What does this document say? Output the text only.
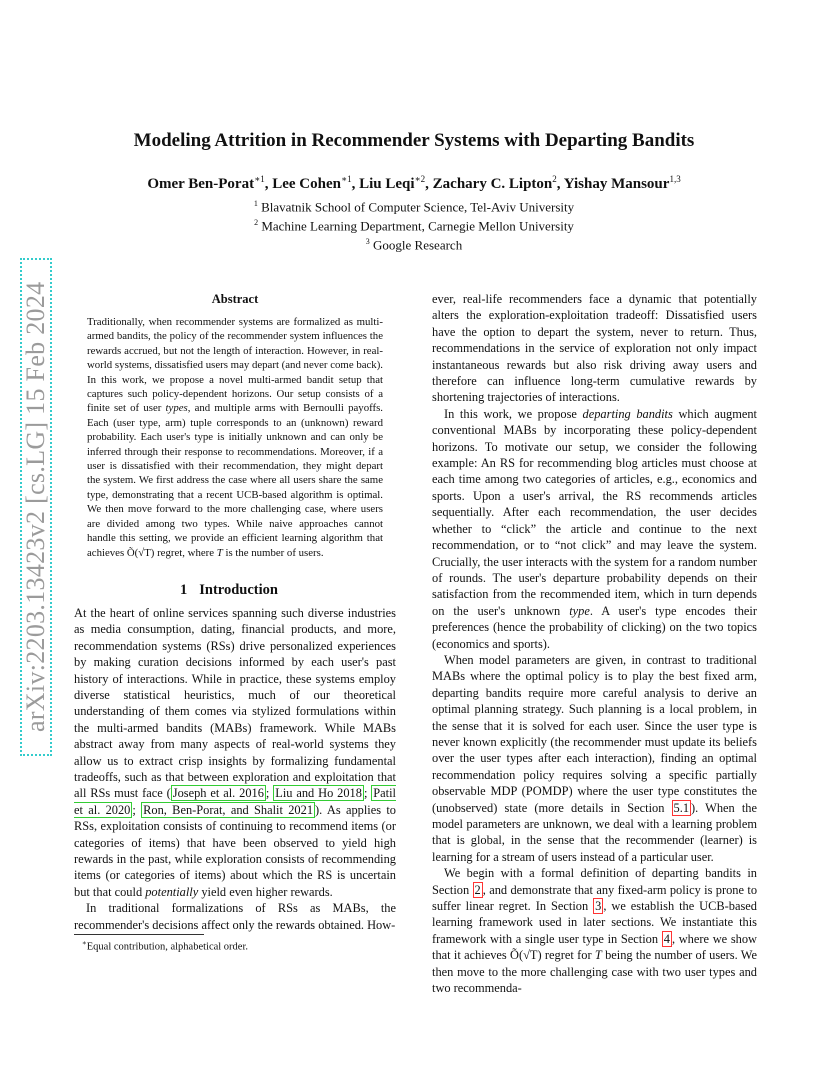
arXiv:2203.13423v2 [cs.LG] 15 Feb 2024
Modeling Attrition in Recommender Systems with Departing Bandits
Omer Ben-Porat$^{∗1}$, Lee Cohen$^{∗1}$, Liu Leqi$^{∗2}$, Zachary C. Lipton$^2$, Yishay Mansour$^{1,3}$
$^1$ Blavatnik School of Computer Science, Tel-Aviv University
$^2$ Machine Learning Department, Carnegie Mellon University
$^3$ Google Research
Abstract
Traditionally, when recommender systems are formalized as multi-armed bandits, the policy of the recommender system influences the rewards accrued, but not the length of interaction. However, in real-world systems, dissatisfied users may depart (and never come back). In this work, we propose a novel multi-armed bandit setup that captures such policy-dependent horizons. Our setup consists of a finite set of user types, and multiple arms with Bernoulli payoffs. Each (user type, arm) tuple corresponds to an (unknown) reward probability. Each user's type is initially unknown and can only be inferred through their response to recommendations. Moreover, if a user is dissatisfied with their recommendation, they might depart the system. We first address the case where all users share the same type, demonstrating that a recent UCB-based algorithm is optimal. We then move forward to the more challenging case, where users are divided among two types. While naive approaches cannot handle this setting, we provide an efficient learning algorithm that achieves Õ(√T) regret, where T is the number of users.
1 Introduction

At the heart of online services spanning such diverse industries as media consumption, dating, financial products, and more, recommendation systems (RSs) drive personalized experiences by making curation decisions informed by each user's past history of interactions. While in practice, these systems employ diverse statistical heuristics, much of our theoretical understanding of them comes via stylized formulations within the multi-armed bandits (MABs) framework. While MABs abstract away from many aspects of real-world systems they allow us to extract crisp insights by formalizing fundamental tradeoffs, such as that between exploration and exploitation that all RSs must face ( Joseph et al. 2016 ; Liu and Ho 2018 ; Patil et al. 2020 ; Ron, Ben-Porat, and Shalit 2021 ). As applies to RSs, exploitation consists of continuing to recommend items (or categories of items) that have been observed to yield high rewards in the past, while exploration consists of recommending items (or categories of items) about which the RS is uncertain but that could potentially yield even higher rewards.

In traditional formalizations of RSs as MABs, the recommender's decisions affect only the rewards obtained. How-

ever, real-life recommenders face a dynamic that potentially alters the exploration-exploitation tradeoff: Dissatisfied users have the option to depart the system, never to return. Thus, recommendations in the service of exploration not only impact instantaneous rewards but also risk driving away users and therefore can influence long-term cumulative rewards by shortening trajectories of interactions.

In this work, we propose departing bandits which augment conventional MABs by incorporating these policy-dependent horizons. To motivate our setup, we consider the following example: An RS for recommending blog articles must choose at each time among two categories of articles, e.g., economics and sports. Upon a user's arrival, the RS recommends articles sequentially. After each recommendation, the user decides whether to “click” the article and continue to the next recommendation, or to “not click” and may leave the system. Crucially, the user interacts with the system for a random number of rounds. The user's departure probability depends on their satisfaction from the recommended item, which in turn depends on the user's unknown type. A user's type encodes their preferences (hence the probability of clicking) on the two topics (economics and sports).

When model parameters are given, in contrast to traditional MABs where the optimal policy is to play the best fixed arm, departing bandits require more careful analysis to derive an optimal planning strategy. Such planning is a local problem, in the sense that it is solved for each user. Since the user type is never known explicitly (the recommender must update its beliefs over the user types after each interaction), finding an optimal recommendation policy requires solving a specific partially observable MDP (POMDP) where the user type constitutes the (unobserved) state (more details in Section 5.1 ). When the model parameters are unknown, we deal with a learning problem that is global, in the sense that the recommender (learner) is learning for a stream of users instead of a particular user.

We begin with a formal definition of departing bandits in Section 2 , and demonstrate that any fixed-arm policy is prone to suffer linear regret. In Section 3 , we establish the UCB-based learning framework used in later sections. We instantiate this framework with a single user type in Section 4 , where we show that it achieves Õ(√T) regret for T being the number of users. We then move to the more challenging case with two user types and two recommenda-

∗Equal contribution, alphabetical order.
